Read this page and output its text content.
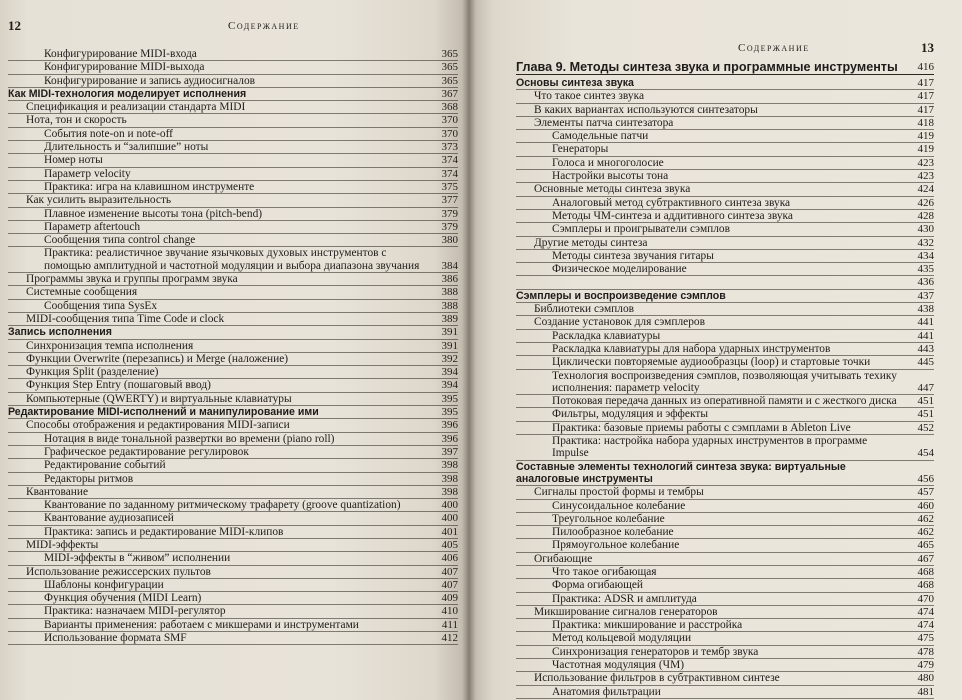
12	Содержание
Конфигурирование MIDI-входа	365
Конфигурирование MIDI-выхода	365
Конфигурирование и запись аудиосигналов	365
Как MIDI-технология моделирует исполнения	367
Спецификация и реализации стандарта MIDI	368
Нота, тон и скорость	370
События note-on и note-off	370
Длительность и “залипшие” ноты	373
Номер ноты	374
Параметр velocity	374
Практика: игра на клавишном инструменте	375
Как усилить выразительность	377
Плавное изменение высоты тона (pitch-bend)	379
Параметр aftertouch	379
Сообщения типа control change	380
Практика: реалистичное звучание язычковых духовых инструментов с помощью амплитудной и частотной модуляции и выбора диапазона звучания	384
Программы звука и группы программ звука	386
Системные сообщения	388
Сообщения типа SysEx	388
MIDI-сообщения типа Time Code и clock	389
Запись исполнения	391
Синхронизация темпа исполнения	391
Функции Overwrite (перезапись) и Merge (наложение)	392
Функция Split (разделение)	394
Функция Step Entry (пошаговый ввод)	394
Компьютерные (QWERTY) и виртуальные клавиатуры	395
Редактирование MIDI-исполнений и манипулирование ими	395
Способы отображения и редактирования MIDI-записи	396
Нотация в виде тональной развертки во времени (piano roll)	396
Графическое редактирование регулировок	397
Редактирование событий	398
Редакторы ритмов	398
Квантование	398
Квантование по заданному ритмическому трафарету (groove quantization)	400
Квантование аудиозаписей	400
Практика: запись и редактирование MIDI-клипов	401
MIDI-эффекты	405
MIDI-эффекты в “живом” исполнении	406
Использование режиссерских пультов	407
Шаблоны конфигурации	407
Функция обучения (MIDI Learn)	409
Практика: назначаем MIDI-регулятор	410
Варианты применения: работаем с микшерами и инструментами	411
Использование формата SMF	412
Содержание	13
Глава 9. Методы синтеза звука и программные инструменты	416
Основы синтеза звука	417
Что такое синтез звука	417
В каких вариантах используются синтезаторы	417
Элементы патча синтезатора	418
Самодельные патчи	419
Генераторы	419
Голоса и многоголосие	423
Настройки высоты тона	423
Основные методы синтеза звука	424
Аналоговый метод субтрактивного синтеза звука	426
Методы ЧМ-синтеза и аддитивного синтеза звука	428
Сэмплеры и проигрыватели сэмплов	430
Другие методы синтеза	432
Методы синтеза звучания гитары	434
Физическое моделирование	435
436
Сэмплеры и воспроизведение сэмплов	437
Библиотеки сэмплов	438
Создание установок для сэмплеров	441
Раскладка клавиатуры	441
Раскладка клавиатуры для набора ударных инструментов	443
Циклически повторяемые аудиообразцы (loop) и стартовые точки	445
Технология воспроизведения сэмплов, позволяющая учитывать техику исполнения: параметр velocity	447
Потоковая передача данных из оперативной памяти и с жесткого диска	451
Фильтры, модуляция и эффекты	451
Практика: базовые приемы работы с сэмплами в Ableton Live	452
Практика: настройка набора ударных инструментов в программе Impulse	454
Составные элементы технологий синтеза звука: виртуальные аналоговые инструменты	456
Сигналы простой формы и тембры	457
Синусоидальное колебание	460
Треугольное колебание	462
Пилообразное колебание	462
Прямоугольное колебание	465
Огибающие	467
Что такое огибающая	468
Форма огибающей	468
Практика: ADSR и амплитуда	470
Микширование сигналов генераторов	474
Практика: микширование и расстройка	474
Метод кольцевой модуляции	475
Синхронизация генераторов и тембр звука	478
Частотная модуляция (ЧМ)	479
Использование фильтров в субтрактивном синтезе	480
Анатомия фильтрации	481
